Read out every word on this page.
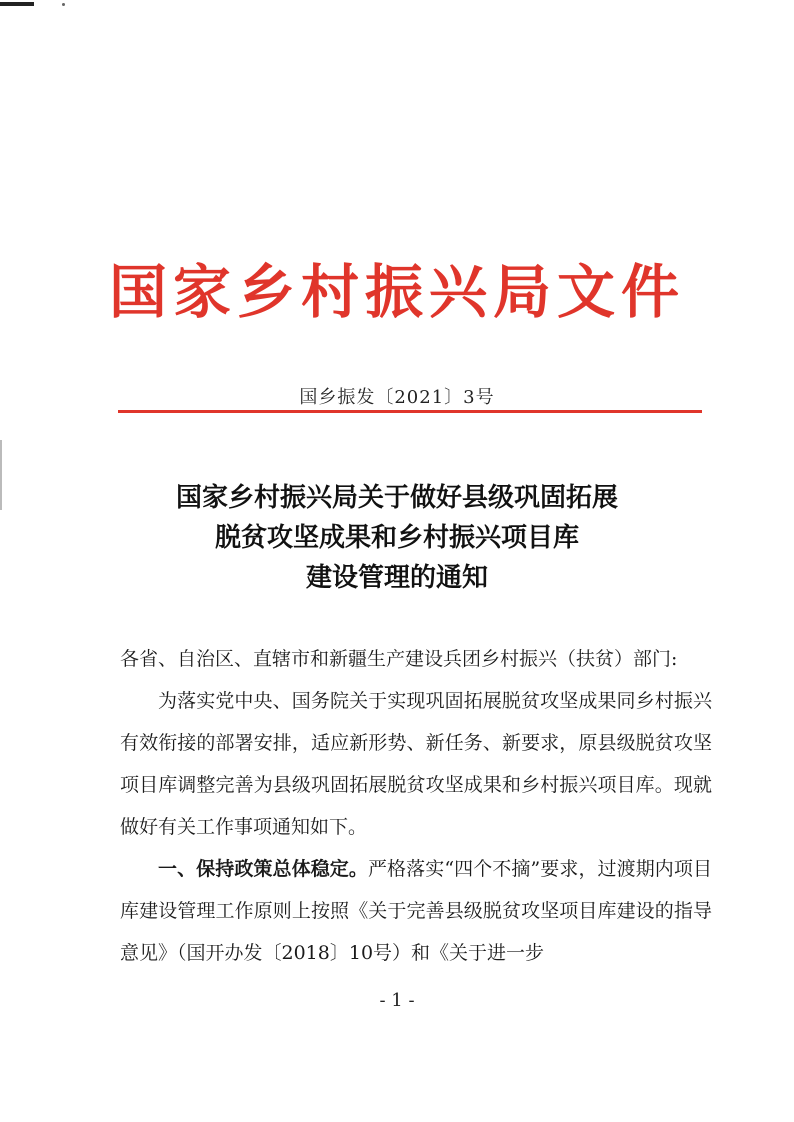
国家乡村振兴局文件
国乡振发〔2021〕3号
国家乡村振兴局关于做好县级巩固拓展
脱贫攻坚成果和乡村振兴项目库
建设管理的通知

各省、自治区、直辖市和新疆生产建设兵团乡村振兴（扶贫）部门:

为落实党中央、国务院关于实现巩固拓展脱贫攻坚成果同乡村振兴有效衔接的部署安排，适应新形势、新任务、新要求，原县级脱贫攻坚项目库调整完善为县级巩固拓展脱贫攻坚成果和乡村振兴项目库。现就做好有关工作事项通知如下。

一、保持政策总体稳定。严格落实“四个不摘”要求，过渡期内项目库建设管理工作原则上按照《关于完善县级脱贫攻坚项目库建设的指导意见》（国开办发〔2018〕10号）和《关于进一步

- 1 -
